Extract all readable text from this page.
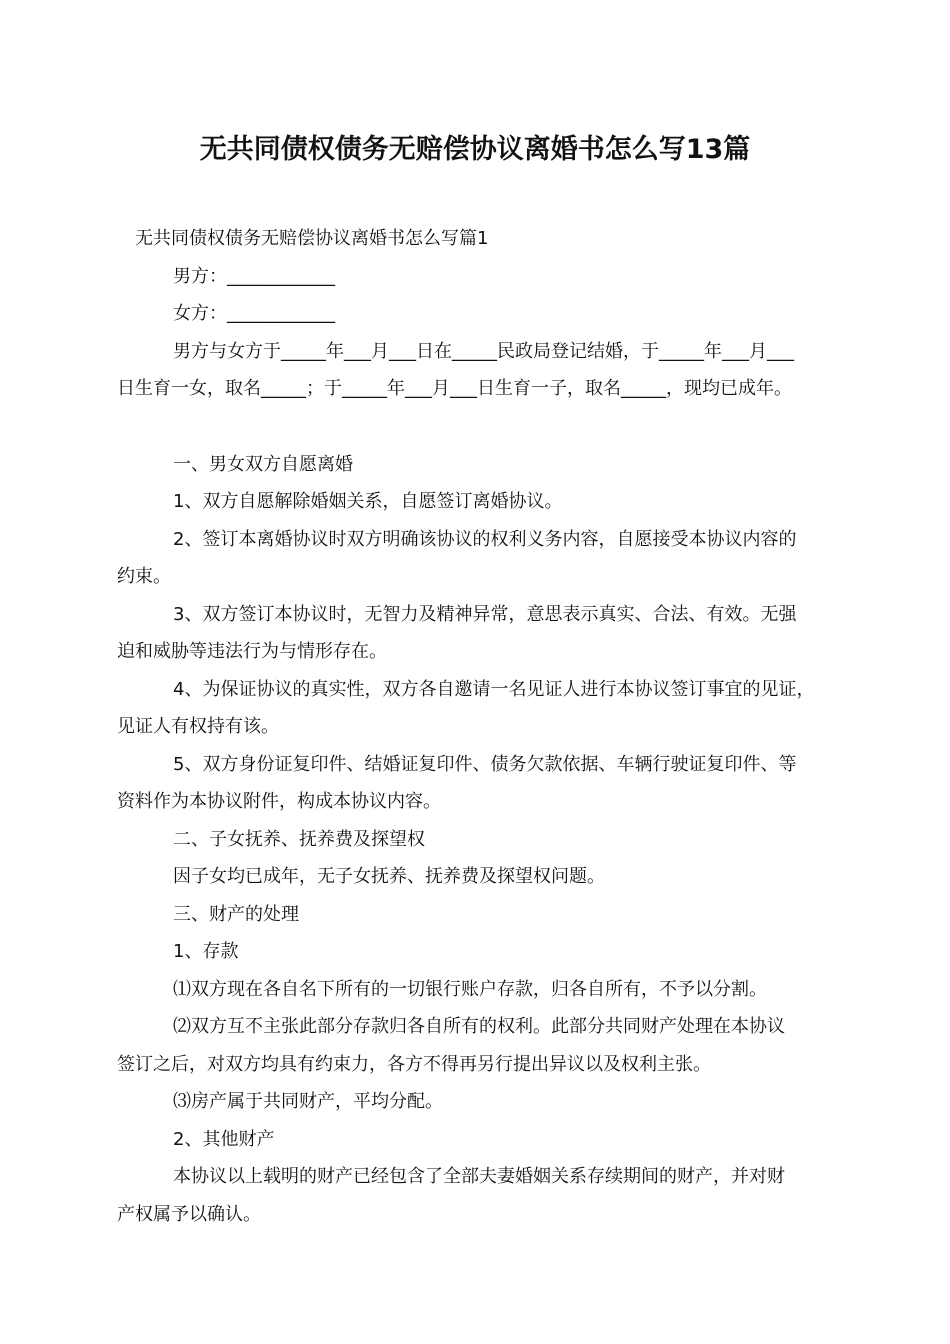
无共同债权债务无赔偿协议离婚书怎么写13篇
无共同债权债务无赔偿协议离婚书怎么写篇1
男方：____________
女方：____________
男方与女方于_____年___月___日在_____民政局登记结婚，于_____年___月___
日生育一女，取名_____；于_____年___月___日生育一子，取名_____，现均已成年。
一、男女双方自愿离婚
1、双方自愿解除婚姻关系，自愿签订离婚协议。
2、签订本离婚协议时双方明确该协议的权利义务内容，自愿接受本协议内容的
约束。
3、双方签订本协议时，无智力及精神异常，意思表示真实、合法、有效。无强
迫和威胁等违法行为与情形存在。
4、为保证协议的真实性，双方各自邀请一名见证人进行本协议签订事宜的见证，
见证人有权持有该。
5、双方身份证复印件、结婚证复印件、债务欠款依据、车辆行驶证复印件、等
资料作为本协议附件，构成本协议内容。
二、子女抚养、抚养费及探望权
因子女均已成年，无子女抚养、抚养费及探望权问题。
三、财产的处理
1、存款
⑴双方现在各自名下所有的一切银行账户存款，归各自所有，不予以分割。
⑵双方互不主张此部分存款归各自所有的权利。此部分共同财产处理在本协议
签订之后，对双方均具有约束力，各方不得再另行提出异议以及权利主张。
⑶房产属于共同财产，平均分配。
2、其他财产
本协议以上载明的财产已经包含了全部夫妻婚姻关系存续期间的财产，并对财
产权属予以确认。
